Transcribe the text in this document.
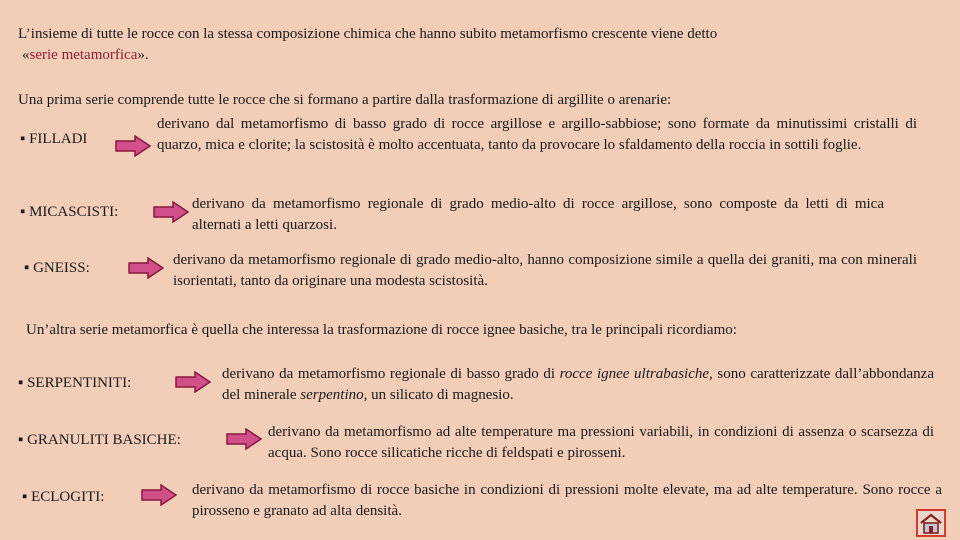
L’insieme di tutte le rocce con la stessa composizione chimica che hanno subito metamorfismo crescente viene detto
«serie metamorfica».
Una prima serie comprende tutte le rocce che si formano a partire dalla trasformazione di argillite o arenarie:
▪ FILLADI
derivano dal metamorfismo di basso grado di rocce argillose e argillo-sabbiose; sono formate da minutissimi cristalli di quarzo, mica e clorite; la scistosità è molto accentuata, tanto da provocare lo sfaldamento della roccia in sottili foglie.
▪ MICASCISTI:	derivano da metamorfismo regionale di grado medio-alto di rocce argillose, sono composte da letti di mica alternati a letti quarzosi.
▪ GNEISS:	derivano da metamorfismo regionale di grado medio-alto, hanno composizione simile a quella dei graniti, ma con minerali isorientati, tanto da originare una modesta scistosità.
Un’altra serie metamorfica è quella che interessa la trasformazione di rocce ignee basiche, tra le principali ricordiamo:
▪ SERPENTINITI:
derivano da metamorfismo regionale di basso grado di rocce ignee ultrabasiche, sono caratterizzate dall’abbondanza del minerale serpentino, un silicato di magnesio.
▪ GRANULITI BASICHE:	derivano da metamorfismo ad alte temperature ma pressioni variabili, in condizioni di assenza o scarsezza di acqua. Sono rocce silicatiche ricche di feldspati e pirosseni.
▪ ECLOGITI:	derivano da metamorfismo di rocce basiche in condizioni di pressioni molte elevate, ma ad alte temperature. Sono rocce a pirosseno e granato ad alta densità.
